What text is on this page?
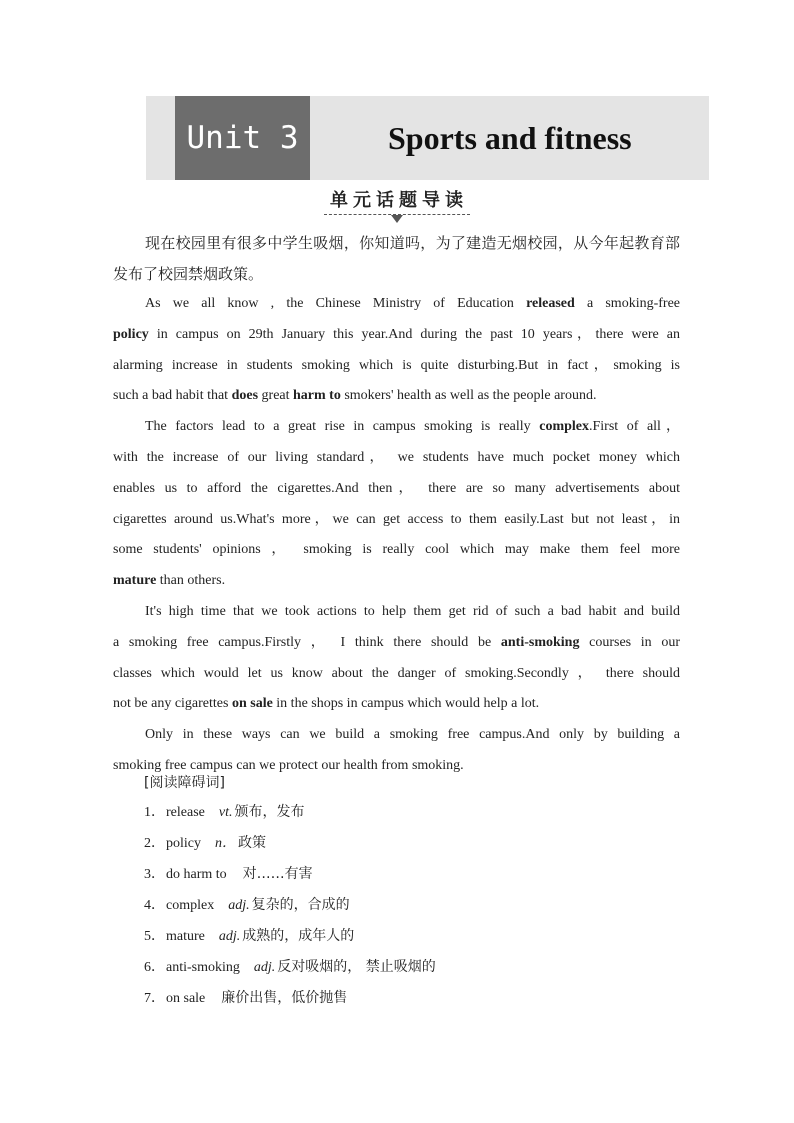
Unit 3	Sports and fitness
单元话题导读
现在校园里有很多中学生吸烟，你知道吗，为了建造无烟校园，从今年起教育部发布了校园禁烟政策。
As we all know , the Chinese Ministry of Education released a smoking-free
policy in campus on 29th January this year.And during the past 10 years，there were an
alarming increase in students smoking which is quite disturbing.But in fact，smoking is
such a bad habit that does great harm to smokers' health as well as the people around.
The factors lead to a great rise in campus smoking is really complex.First of all，
with the increase of our living standard， we students have much pocket money which
enables us to afford the cigarettes.And then， there are so many advertisements about
cigarettes around us.What's more，we can get access to them easily.Last but not least，in
some students' opinions ， smoking is really cool which may make them feel more
mature than others.
It's high time that we took actions to help them get rid of such a bad habit and build
a smoking free campus.Firstly ， I think there should be anti-smoking courses in our
classes which would let us know about the danger of smoking.Secondly ， there should
not be any cigarettes on sale in the shops in campus which would help a lot.
Only in these ways can we build a smoking free campus.And only by building a
smoking free campus can we protect our health from smoking.
[阅读障碍词]
1．release vt. 颁布，发布
2．policy n． 政策
3．do harm to 对……有害
4．complex adj. 复杂的，合成的
5．mature adj. 成熟的，成年人的
6．anti-smoking adj. 反对吸烟的， 禁止吸烟的
7．on sale 廉价出售，低价抛售
